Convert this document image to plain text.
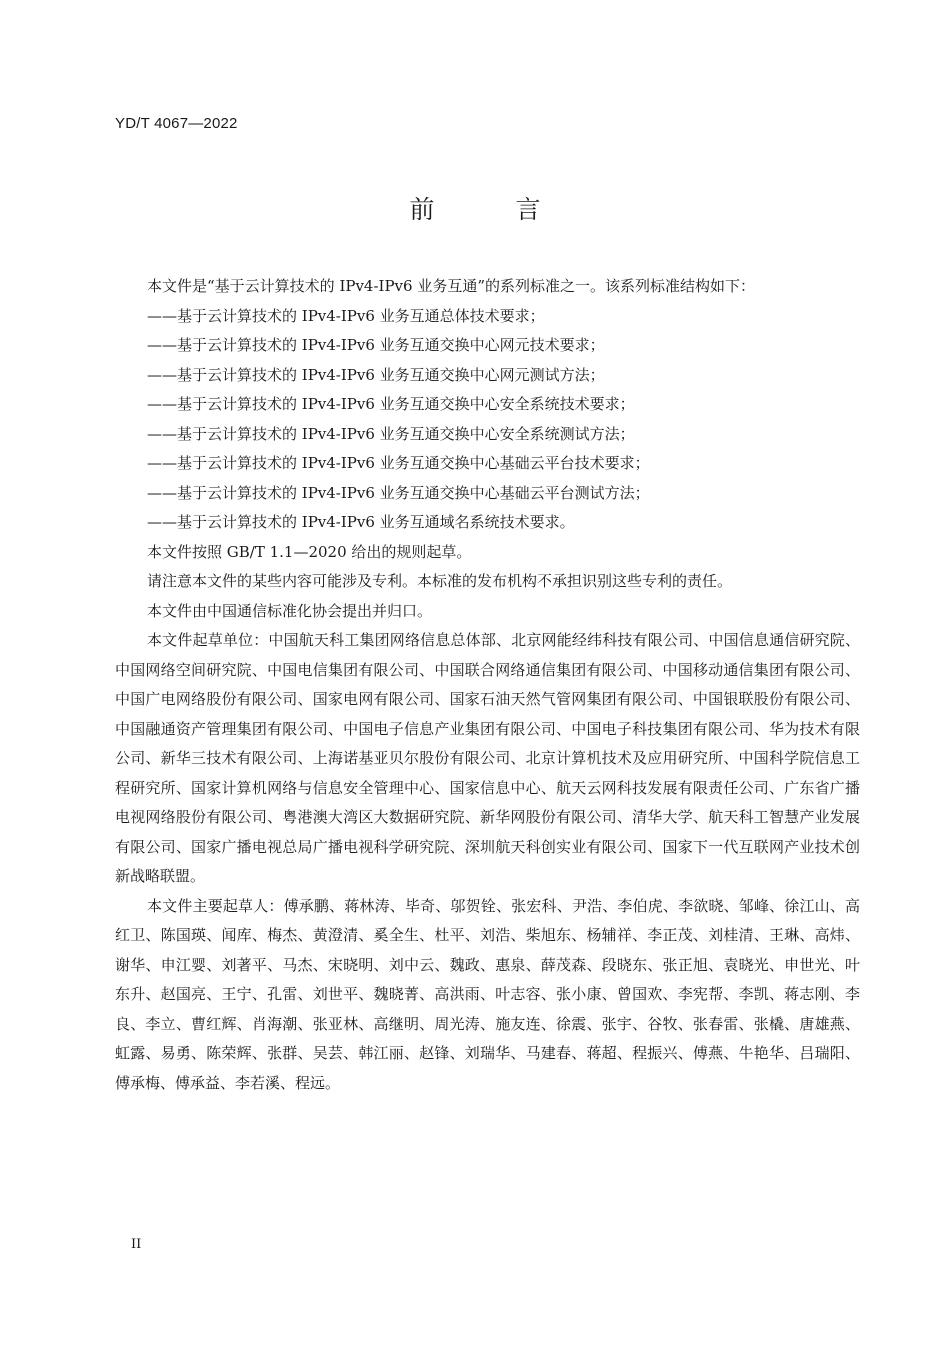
YD/T 4067—2022
前　言
本文件是“基于云计算技术的 IPv4-IPv6 业务互通”的系列标准之一。该系列标准结构如下：
——基于云计算技术的 IPv4-IPv6 业务互通总体技术要求；
——基于云计算技术的 IPv4-IPv6 业务互通交换中心网元技术要求；
——基于云计算技术的 IPv4-IPv6 业务互通交换中心网元测试方法；
——基于云计算技术的 IPv4-IPv6 业务互通交换中心安全系统技术要求；
——基于云计算技术的 IPv4-IPv6 业务互通交换中心安全系统测试方法；
——基于云计算技术的 IPv4-IPv6 业务互通交换中心基础云平台技术要求；
——基于云计算技术的 IPv4-IPv6 业务互通交换中心基础云平台测试方法；
——基于云计算技术的 IPv4-IPv6 业务互通域名系统技术要求。
本文件按照 GB/T 1.1—2020 给出的规则起草。
请注意本文件的某些内容可能涉及专利。本标准的发布机构不承担识别这些专利的责任。
本文件由中国通信标准化协会提出并归口。

本文件起草单位：中国航天科工集团网络信息总体部、北京网能经纬科技有限公司、中国信息通信研究院、中国网络空间研究院、中国电信集团有限公司、中国联合网络通信集团有限公司、中国移动通信集团有限公司、中国广电网络股份有限公司、国家电网有限公司、国家石油天然气管网集团有限公司、中国银联股份有限公司、中国融通资产管理集团有限公司、中国电子信息产业集团有限公司、中国电子科技集团有限公司、华为技术有限公司、新华三技术有限公司、上海诺基亚贝尔股份有限公司、北京计算机技术及应用研究所、中国科学院信息工程研究所、国家计算机网络与信息安全管理中心、国家信息中心、航天云网科技发展有限责任公司、广东省广播电视网络股份有限公司、粤港澳大湾区大数据研究院、新华网股份有限公司、清华大学、航天科工智慧产业发展有限公司、国家广播电视总局广播电视科学研究院、深圳航天科创实业有限公司、国家下一代互联网产业技术创新战略联盟。

本文件主要起草人：傅承鹏、蒋林涛、毕奇、邬贺铨、张宏科、尹浩、李伯虎、李欲晓、邹峰、徐江山、高红卫、陈国瑛、闻库、梅杰、黄澄清、奚全生、杜平、刘浩、柴旭东、杨辅祥、李正茂、刘桂清、王琳、高炜、谢华、申江婴、刘著平、马杰、宋晓明、刘中云、魏政、惠泉、薛茂森、段晓东、张正旭、袁晓光、申世光、叶东升、赵国亮、王宁、孔雷、刘世平、魏晓菁、高洪雨、叶志容、张小康、曾国欢、李宪帮、李凯、蒋志刚、李良、李立、曹红辉、肖海潮、张亚林、高继明、周光涛、施友连、徐震、张宇、谷牧、张春雷、张橇、唐雄燕、虹露、易勇、陈荣辉、张群、吴芸、韩江丽、赵锋、刘瑞华、马建春、蒋超、程振兴、傅燕、牛艳华、吕瑞阳、傅承梅、傅承益、李若溪、程远。

II
